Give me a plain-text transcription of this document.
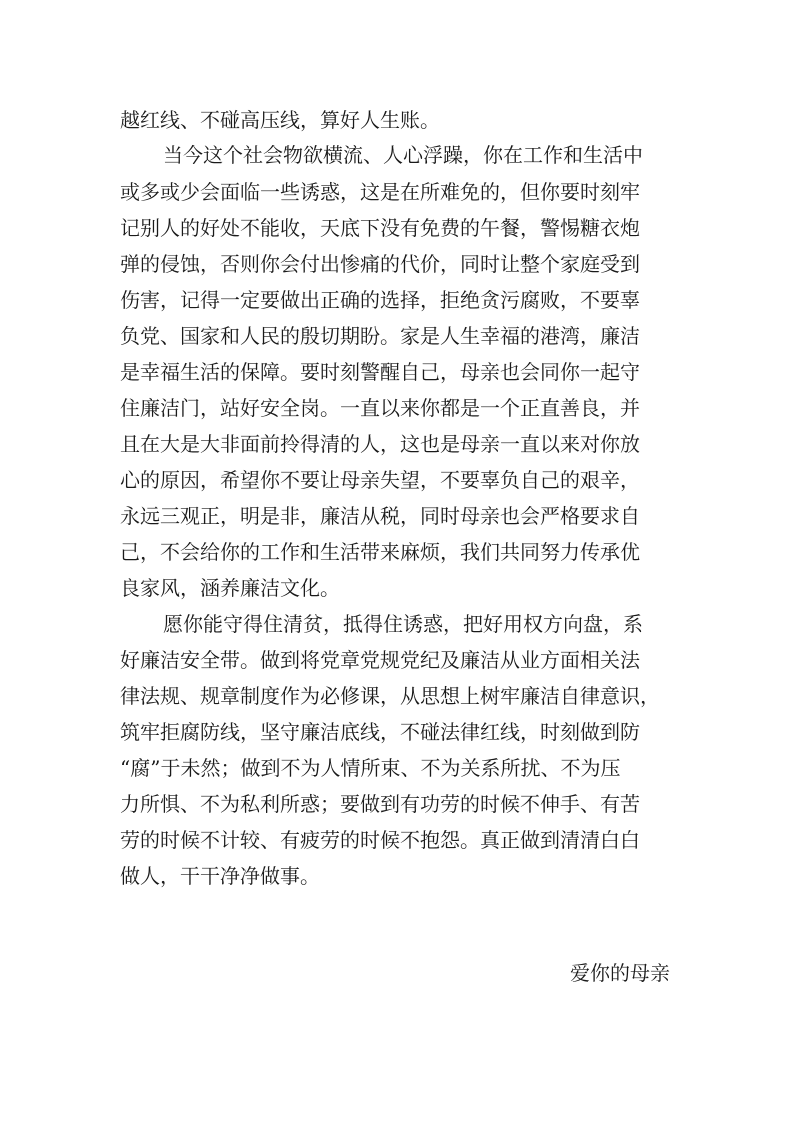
越红线、不碰高压线，算好人生账。
当今这个社会物欲横流、人心浮躁，你在工作和生活中
或多或少会面临一些诱惑，这是在所难免的，但你要时刻牢
记别人的好处不能收，天底下没有免费的午餐，警惕糖衣炮
弹的侵蚀，否则你会付出惨痛的代价，同时让整个家庭受到
伤害，记得一定要做出正确的选择，拒绝贪污腐败，不要辜
负党、国家和人民的殷切期盼。家是人生幸福的港湾，廉洁
是幸福生活的保障。要时刻警醒自己，母亲也会同你一起守
住廉洁门，站好安全岗。一直以来你都是一个正直善良，并
且在大是大非面前拎得清的人，这也是母亲一直以来对你放
心的原因，希望你不要让母亲失望，不要辜负自己的艰辛，
永远三观正，明是非，廉洁从税，同时母亲也会严格要求自
己，不会给你的工作和生活带来麻烦，我们共同努力传承优
良家风，涵养廉洁文化。
愿你能守得住清贫，抵得住诱惑，把好用权方向盘，系
好廉洁安全带。做到将党章党规党纪及廉洁从业方面相关法
律法规、规章制度作为必修课，从思想上树牢廉洁自律意识，
筑牢拒腐防线，坚守廉洁底线，不碰法律红线，时刻做到防
“腐”于未然；做到不为人情所束、不为关系所扰、不为压
力所惧、不为私利所惑；要做到有功劳的时候不伸手、有苦
劳的时候不计较、有疲劳的时候不抱怨。真正做到清清白白
做人，干干净净做事。
爱你的母亲
